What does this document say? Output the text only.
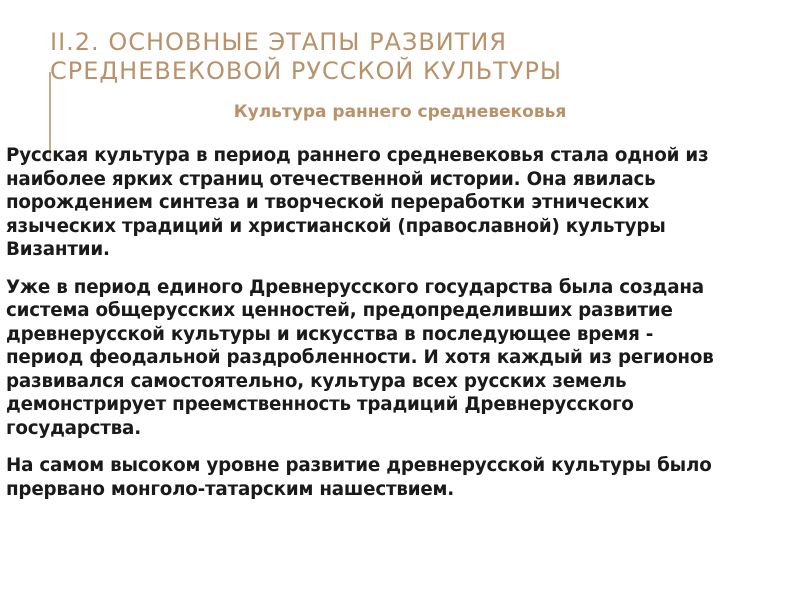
II.2. ОСНОВНЫЕ ЭТАПЫ РАЗВИТИЯ
СРЕДНЕВЕКОВОЙ РУССКОЙ КУЛЬТУРЫ
Культура раннего средневековья

Русская культура в период раннего средневековья стала одной из
наиболее ярких страниц отечественной истории. Она явилась
порождением синтеза и творческой переработки этнических
языческих традиций и христианской (православной) культуры
Византии.

Уже в период единого Древнерусского государства была создана
система общерусских ценностей, предопределивших развитие
древнерусской культуры и искусства в последующее время -
период феодальной раздробленности. И хотя каждый из регионов
развивался самостоятельно, культура всех русских земель
демонстрирует преемственность традиций Древнерусского
государства.

На самом высоком уровне развитие древнерусской культуры было
прервано монголо-татарским нашествием.
